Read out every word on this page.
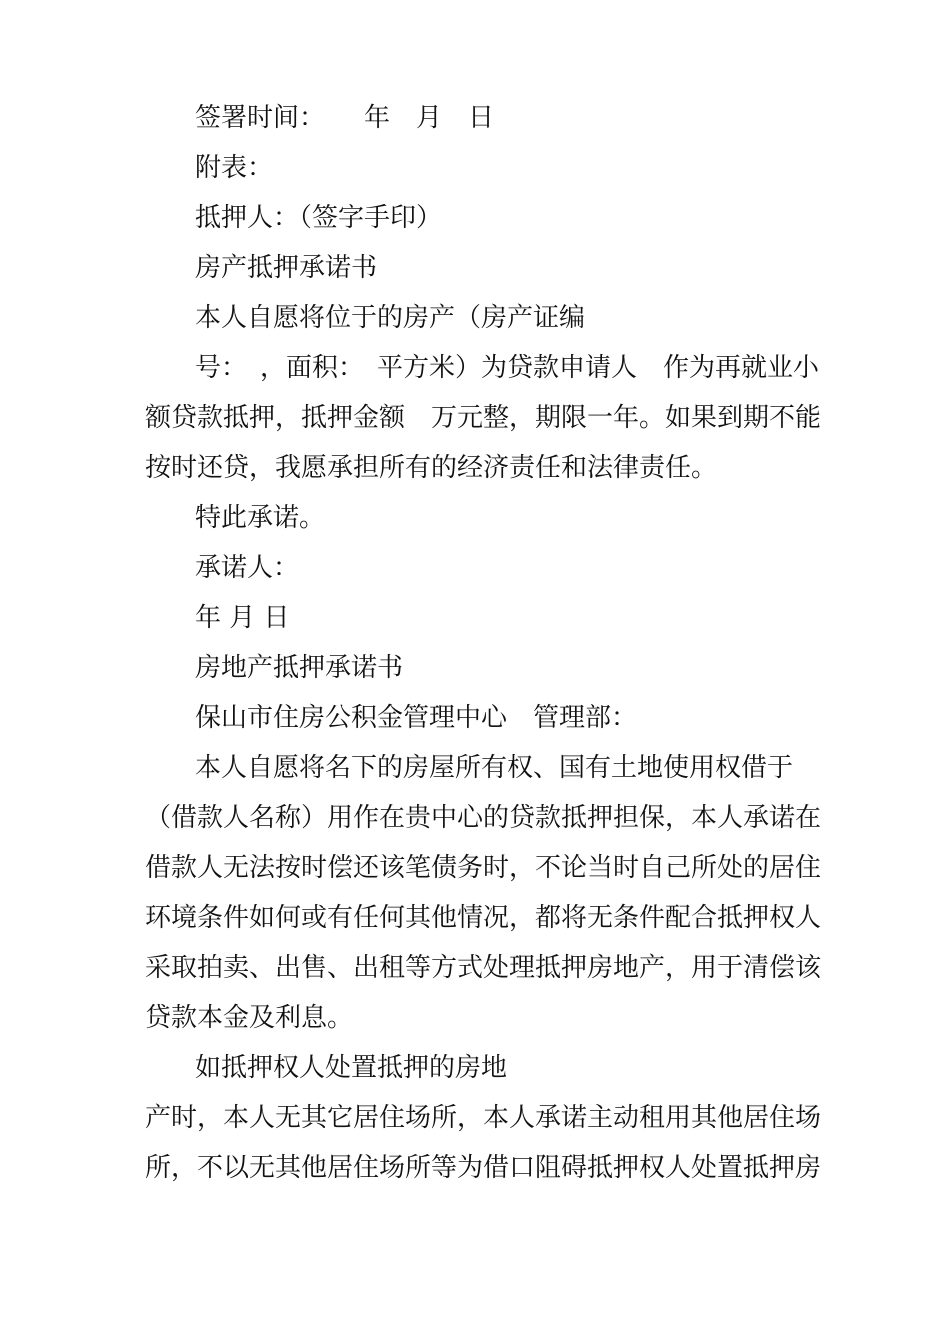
签署时间：　　年　月　日
附表：
抵押人：（签字手印）
房产抵押承诺书
本人自愿将位于的房产（房产证编
号：　，面积：　平方米）为贷款申请人　作为再就业小
额贷款抵押，抵押金额　万元整，期限一年。如果到期不能
按时还贷，我愿承担所有的经济责任和法律责任。
特此承诺。
承诺人：
年 月 日
房地产抵押承诺书
保山市住房公积金管理中心　管理部：
本人自愿将名下的房屋所有权、国有土地使用权借于
（借款人名称）用作在贵中心的贷款抵押担保，本人承诺在
借款人无法按时偿还该笔债务时，不论当时自己所处的居住
环境条件如何或有任何其他情况，都将无条件配合抵押权人
采取拍卖、出售、出租等方式处理抵押房地产，用于清偿该
贷款本金及利息。
如抵押权人处置抵押的房地
产时，本人无其它居住场所，本人承诺主动租用其他居住场
所，不以无其他居住场所等为借口阻碍抵押权人处置抵押房
